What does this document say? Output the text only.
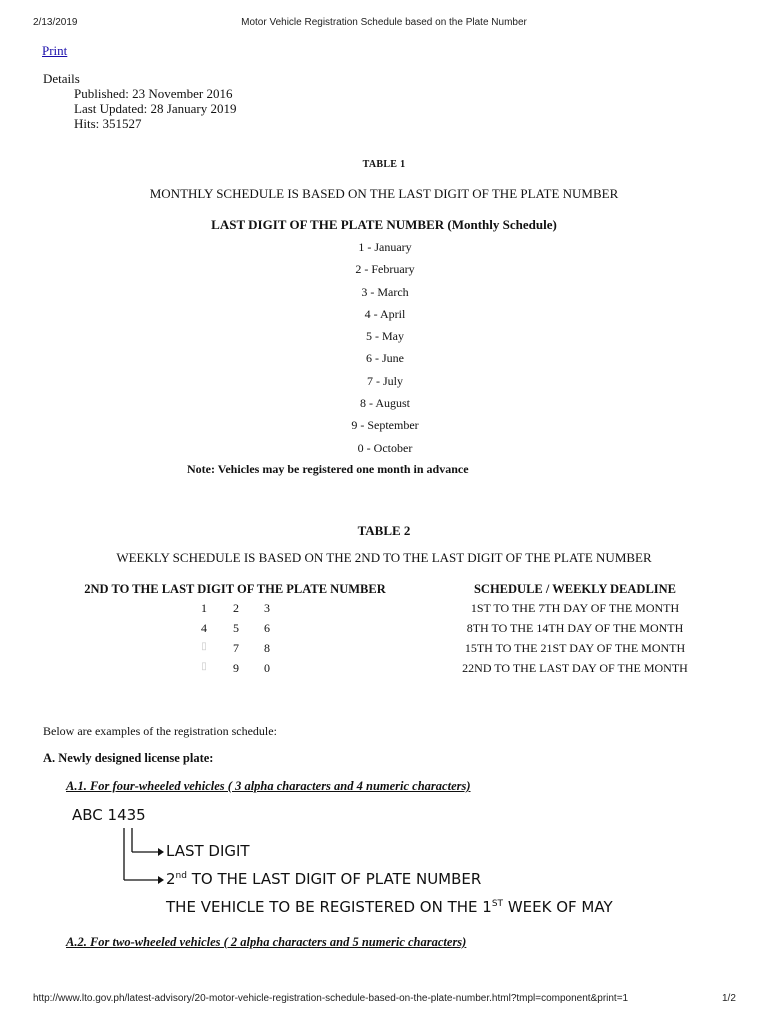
2/13/2019	Motor Vehicle Registration Schedule based on the Plate Number
Print
Details
Published: 23 November 2016
Last Updated: 28 January 2019
Hits: 351527
TABLE 1
MONTHLY SCHEDULE IS BASED ON THE LAST DIGIT OF THE PLATE NUMBER
LAST DIGIT OF THE PLATE NUMBER (Monthly Schedule)
1 - January
2 - February
3 - March
4 - April
5 - May
6 - June
7 - July
8 - August
9 - September
0 - October
Note: Vehicles may be registered one month in advance
TABLE 2
WEEKLY SCHEDULE IS BASED ON THE 2ND TO THE LAST DIGIT OF THE PLATE NUMBER
2ND TO THE LAST DIGIT OF THE PLATE NUMBER	SCHEDULE / WEEKLY DEADLINE
1	2	3	1ST TO THE 7TH DAY OF THE MONTH
4	5	6	8TH TO THE 14TH DAY OF THE MONTH
▯	7	8	15TH TO THE 21ST DAY OF THE MONTH
▯	9	0	22ND TO THE LAST DAY OF THE MONTH
Below are examples of the registration schedule:
A. Newly designed license plate:
A.1. For four-wheeled vehicles ( 3 alpha characters and 4 numeric characters)
ABC 1435
LAST DIGIT
2nd TO THE LAST DIGIT OF PLATE NUMBER
THE VEHICLE TO BE REGISTERED ON THE 1ST WEEK OF MAY
A.2. For two-wheeled vehicles ( 2 alpha characters and 5 numeric characters)
http://www.lto.gov.ph/latest-advisory/20-motor-vehicle-registration-schedule-based-on-the-plate-number.html?tmpl=component&print=1	1/2
